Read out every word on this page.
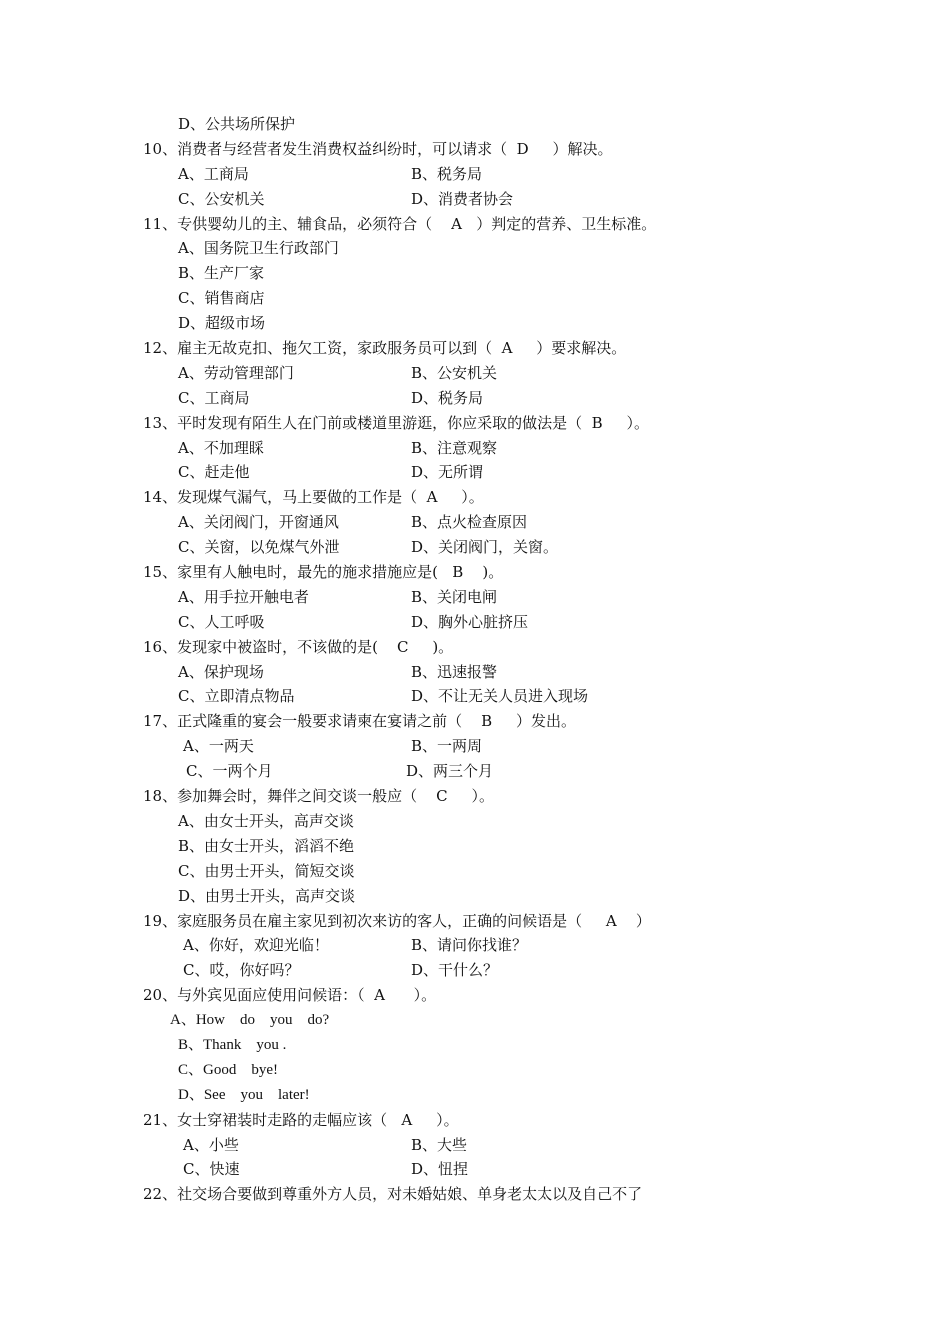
D、公共场所保护
10、消费者与经营者发生消费权益纠纷时，可以请求（  D     ）解决。
A、工商局	B、税务局
C、公安机关	D、消费者协会
11、专供婴幼儿的主、辅食品，必须符合（    A   ）判定的营养、卫生标准。
A、国务院卫生行政部门
B、生产厂家
C、销售商店
D、超级市场
12、雇主无故克扣、拖欠工资，家政服务员可以到（  A     ）要求解决。
A、劳动管理部门	B、公安机关
C、工商局	D、税务局
13、平时发现有陌生人在门前或楼道里游逛，你应采取的做法是（  B     ）。
A、不加理睬	B、注意观察
C、赶走他	D、无所谓
14、发现煤气漏气，马上要做的工作是（  A     ）。
A、关闭阀门，开窗通风	B、点火检查原因
C、关窗，以免煤气外泄	D、关闭阀门，关窗。
15、家里有人触电时，最先的施求措施应是(   B    )。
A、用手拉开触电者	B、关闭电闸
C、人工呼吸	D、胸外心脏挤压
16、发现家中被盗时，不该做的是(    C     )。
A、保护现场	B、迅速报警
C、立即清点物品	D、不让无关人员进入现场
17、正式隆重的宴会一般要求请柬在宴请之前（    B     ）发出。
A、一两天	B、一两周
C、一两个月	D、两三个月
18、参加舞会时，舞伴之间交谈一般应（    C     ）。
A、由女士开头，高声交谈
B、由女士开头，滔滔不绝
C、由男士开头，简短交谈
D、由男士开头，高声交谈
19、家庭服务员在雇主家见到初次来访的客人，正确的问候语是（     A    ）
A、你好，欢迎光临！	B、请问你找谁？
C、哎，你好吗？	D、干什么？
20、与外宾见面应使用问候语：（  A      ）。
A、How    do    you    do?
B、Thank    you .
C、Good    bye!
D、See    you    later!
21、女士穿裙装时走路的走幅应该（   A     ）。
A、小些	B、大些
C、快速	D、忸捏
22、社交场合要做到尊重外方人员，对未婚姑娘、单身老太太以及自己不了
